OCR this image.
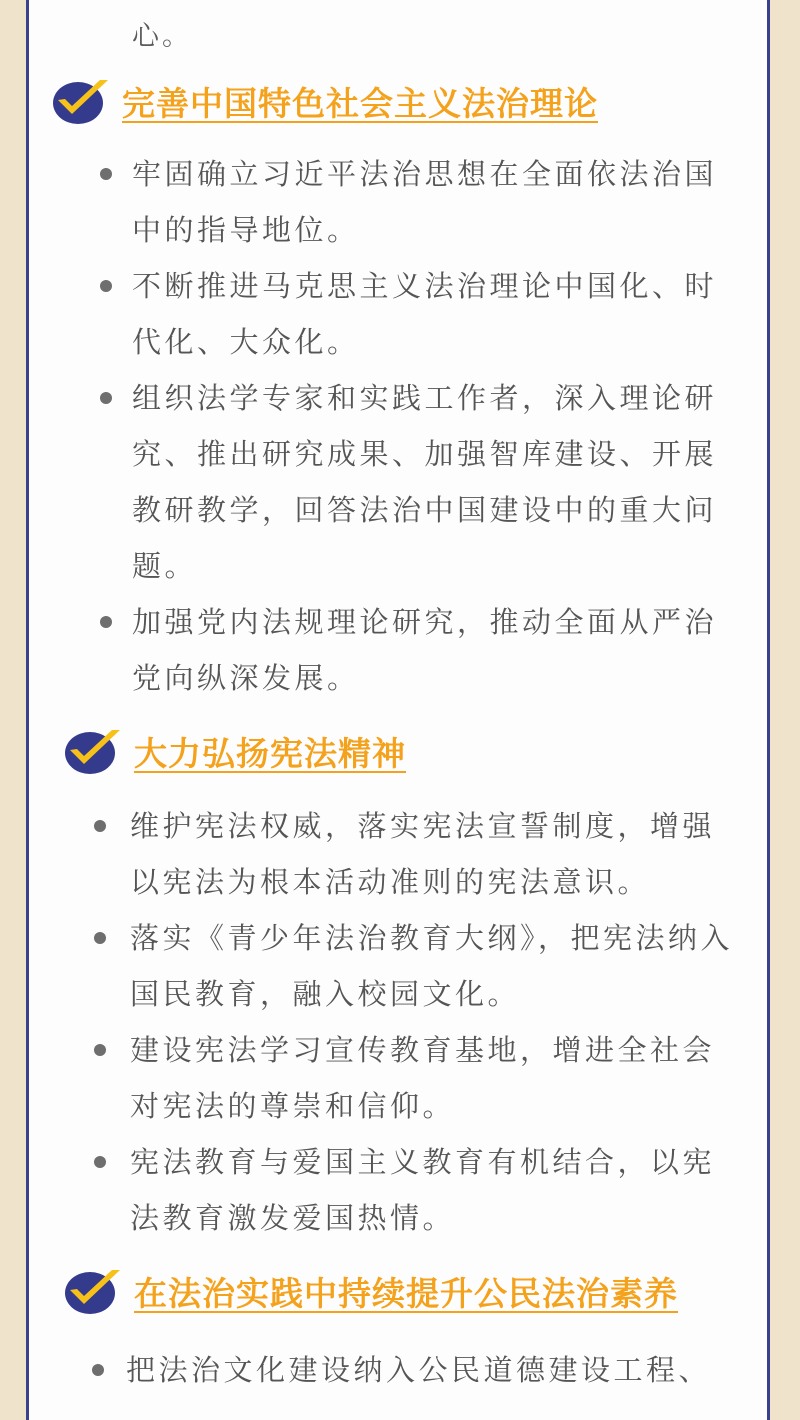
心。
完善中国特色社会主义法治理论
牢固确立习近平法治思想在全面依法治国中的指导地位。
不断推进马克思主义法治理论中国化、时代化、大众化。
组织法学专家和实践工作者，深入理论研究、推出研究成果、加强智库建设、开展教研教学，回答法治中国建设中的重大问题。
加强党内法规理论研究，推动全面从严治党向纵深发展。
大力弘扬宪法精神
维护宪法权威，落实宪法宣誓制度，增强以宪法为根本活动准则的宪法意识。
落实《青少年法治教育大纲》，把宪法纳入国民教育，融入校园文化。
建设宪法学习宣传教育基地，增进全社会对宪法的尊崇和信仰。
宪法教育与爱国主义教育有机结合，以宪法教育激发爱国热情。
在法治实践中持续提升公民法治素养
把法治文化建设纳入公民道德建设工程、
